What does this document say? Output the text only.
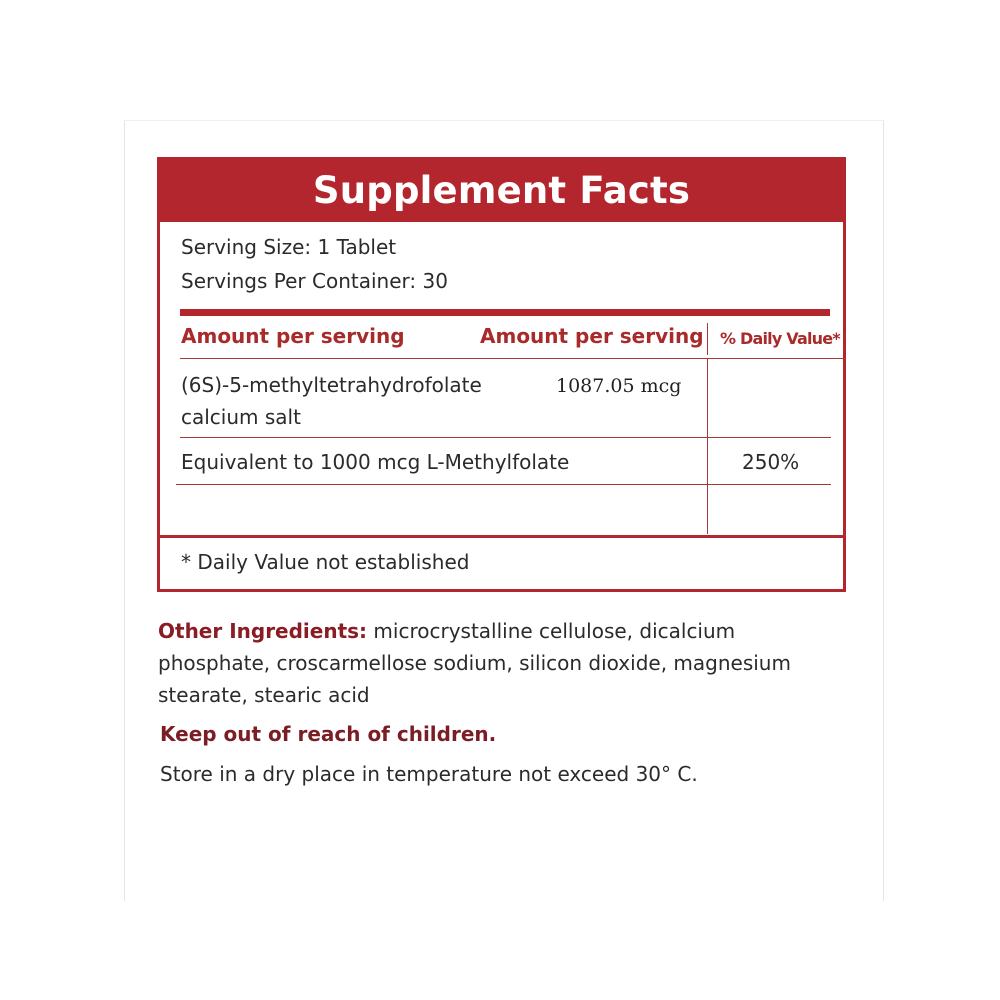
Supplement Facts
Serving Size: 1 Tablet
Servings Per Container: 30
Amount per serving	Amount per serving % Daily Value*
(6S)-5-methyltetrahydrofolate
calcium salt
1087.05 mcg
Equivalent to 1000 mcg L-Methylfolate	250%
* Daily Value not established
Other Ingredients: microcrystalline cellulose, dicalcium
phosphate, croscarmellose sodium, silicon dioxide, magnesium
stearate, stearic acid
Keep out of reach of children.
Store in a dry place in temperature not exceed 30° C.
